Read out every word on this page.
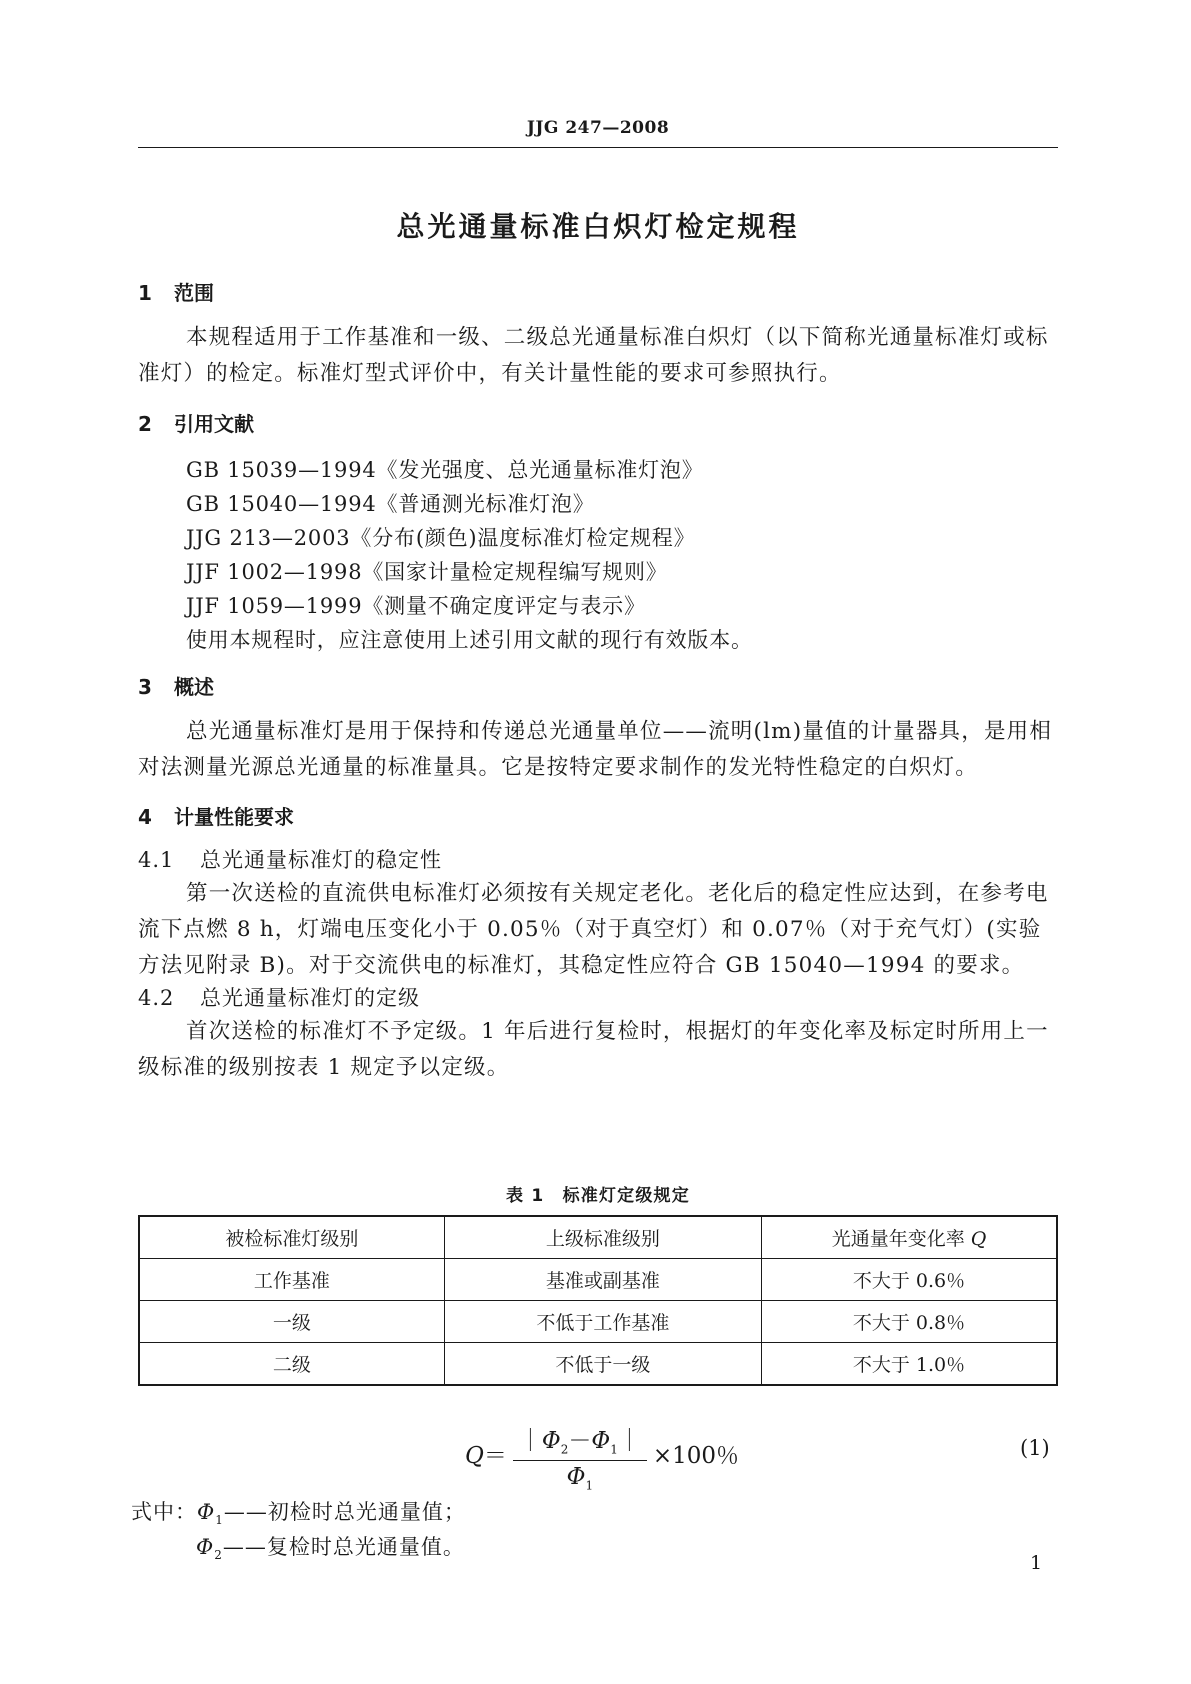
JJG 247—2008
总光通量标准白炽灯检定规程
1 范围
本规程适用于工作基准和一级、二级总光通量标准白炽灯（以下简称光通量标准灯或标准灯）的检定。标准灯型式评价中，有关计量性能的要求可参照执行。
2 引用文献
GB 15039—1994《发光强度、总光通量标准灯泡》
GB 15040—1994《普通测光标准灯泡》
JJG 213—2003《分布(颜色)温度标准灯检定规程》
JJF 1002—1998《国家计量检定规程编写规则》
JJF 1059—1999《测量不确定度评定与表示》
使用本规程时，应注意使用上述引用文献的现行有效版本。
3 概述
总光通量标准灯是用于保持和传递总光通量单位——流明(lm)量值的计量器具，是用相对法测量光源总光通量的标准量具。它是按特定要求制作的发光特性稳定的白炽灯。
4 计量性能要求
4.1 总光通量标准灯的稳定性
第一次送检的直流供电标准灯必须按有关规定老化。老化后的稳定性应达到，在参考电流下点燃 8 h，灯端电压变化小于 0.05％（对于真空灯）和 0.07％（对于充气灯）(实验方法见附录 B)。对于交流供电的标准灯，其稳定性应符合 GB 15040—1994 的要求。
4.2 总光通量标准灯的定级
首次送检的标准灯不予定级。1 年后进行复检时，根据灯的年变化率及标定时所用上一级标准的级别按表 1 规定予以定级。
表 1　标准灯定级规定
被检标准灯级别	上级标准级别	光通量年变化率 Q
工作基准	基准或副基准	不大于 0.6％
一级	不低于工作基准	不大于 0.8％
二级	不低于一级	不大于 1.0％
$Q= \frac{|\Phi_2-\Phi_1|}{\Phi_1} \times 100$％	(1)
式中：$\Phi_1——$初检时总光通量值；
$\Phi_2——$复检时总光通量值。
1
